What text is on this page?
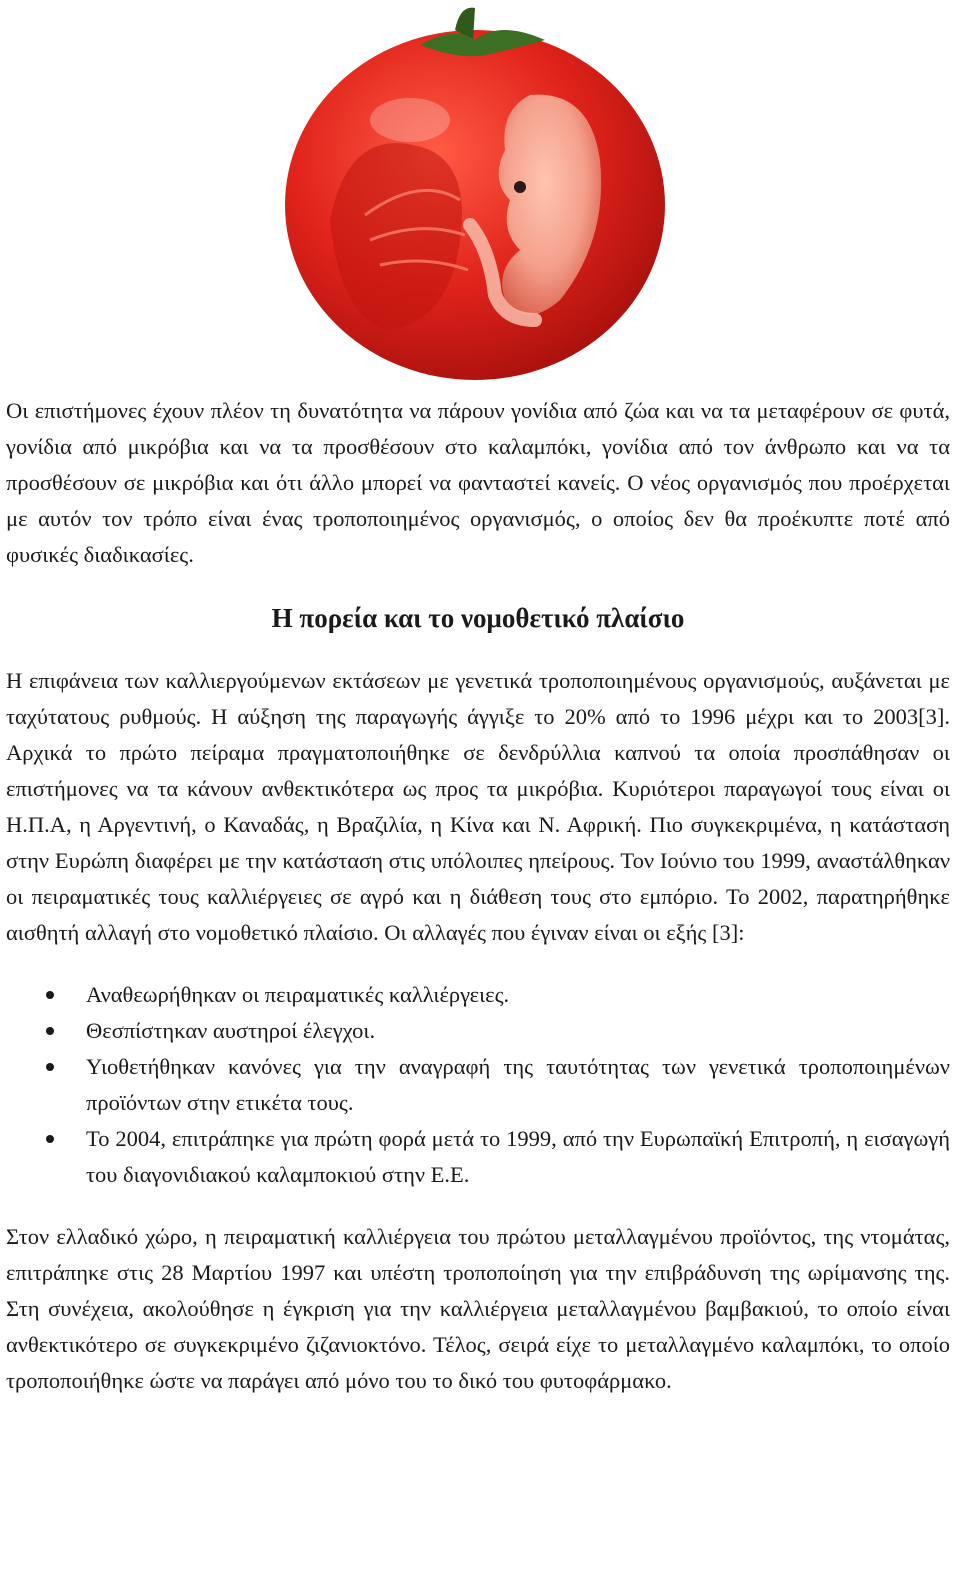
Οι επιστήμονες έχουν πλέον τη δυνατότητα να πάρουν γονίδια από ζώα και να τα μεταφέρουν σε φυτά, γονίδια από μικρόβια και να τα προσθέσουν στο καλαμπόκι, γονίδια από τον άνθρωπο και να τα προσθέσουν σε μικρόβια και ότι άλλο μπορεί να φανταστεί κανείς. Ο νέος οργανισμός που προέρχεται με αυτόν τον τρόπο είναι ένας τροποποιημένος οργανισμός, ο οποίος δεν θα προέκυπτε ποτέ από φυσικές διαδικασίες.

Η πορεία και το νομοθετικό πλαίσιο

Η επιφάνεια των καλλιεργούμενων εκτάσεων με γενετικά τροποποιημένους οργανισμούς, αυξάνεται με ταχύτατους ρυθμούς. Η αύξηση της παραγωγής άγγιξε το 20% από το 1996 μέχρι και το 2003[3]. Αρχικά το πρώτο πείραμα πραγματοποιήθηκε σε δενδρύλλια καπνού τα οποία προσπάθησαν οι επιστήμονες να τα κάνουν ανθεκτικότερα ως προς τα μικρόβια. Κυριότεροι παραγωγοί τους είναι οι Η.Π.Α, η Αργεντινή, ο Καναδάς, η Βραζιλία, η Κίνα και Ν. Αφρική. Πιο συγκεκριμένα, η κατάσταση στην Ευρώπη διαφέρει με την κατάσταση στις υπόλοιπες ηπείρους. Τον Ιούνιο του 1999, αναστάλθηκαν οι πειραματικές τους καλλιέργειες σε αγρό και η διάθεση τους στο εμπόριο. Το 2002, παρατηρήθηκε αισθητή αλλαγή στο νομοθετικό πλαίσιο. Οι αλλαγές που έγιναν είναι οι εξής [3]:

Αναθεωρήθηκαν οι πειραματικές καλλιέργειες.
Θεσπίστηκαν αυστηροί έλεγχοι.
Υιοθετήθηκαν κανόνες για την αναγραφή της ταυτότητας των γενετικά τροποποιημένων προϊόντων στην ετικέτα τους.
Το 2004, επιτράπηκε για πρώτη φορά μετά το 1999, από την Ευρωπαϊκή Επιτροπή, η εισαγωγή του διαγονιδιακού καλαμποκιού στην Ε.Ε.

Στον ελλαδικό χώρο, η πειραματική καλλιέργεια του πρώτου μεταλλαγμένου προϊόντος, της ντομάτας, επιτράπηκε στις 28 Μαρτίου 1997 και υπέστη τροποποίηση για την επιβράδυνση της ωρίμανσης της. Στη συνέχεια, ακολούθησε η έγκριση για την καλλιέργεια μεταλλαγμένου βαμβακιού, το οποίο είναι ανθεκτικότερο σε συγκεκριμένο ζιζανιοκτόνο. Τέλος, σειρά είχε το μεταλλαγμένο καλαμπόκι, το οποίο τροποποιήθηκε ώστε να παράγει από μόνο του το δικό του φυτοφάρμακο.
